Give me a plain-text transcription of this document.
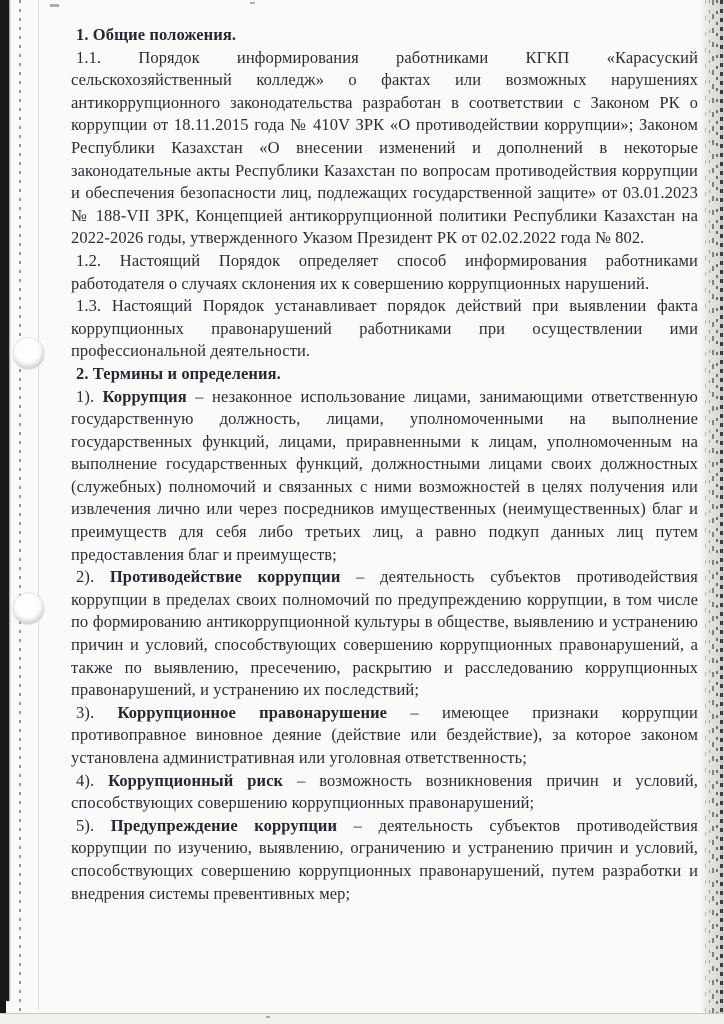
1. Общие положения.

1.1. Порядок информирования работниками КГКП «Карасуский сельскохозяйственный колледж» о фактах или возможных нарушениях антикоррупционного законодательства разработан в соответствии с Законом РК о коррупции от 18.11.2015 года № 410V ЗРК «О противодействии коррупции»; Законом Республики Казахстан «О внесении изменений и дополнений в некоторые законодательные акты Республики Казахстан по вопросам противодействия коррупции и обеспечения безопасности лиц, подлежащих государственной защите» от 03.01.2023 № 188-VII ЗРК, Концепцией антикоррупционной политики Республики Казахстан на 2022-2026 годы, утвержденного Указом Президент РК от 02.02.2022 года № 802.

1.2. Настоящий Порядок определяет способ информирования работниками работодателя о случаях склонения их к совершению коррупционных нарушений.

1.3. Настоящий Порядок устанавливает порядок действий при выявлении факта коррупционных правонарушений работниками при осуществлении ими профессиональной деятельности.

2. Термины и определения.

1). Коррупция – незаконное использование лицами, занимающими ответственную государственную должность, лицами, уполномоченными на выполнение государственных функций, лицами, приравненными к лицам, уполномоченным на выполнение государственных функций, должностными лицами своих должностных (служебных) полномочий и связанных с ними возможностей в целях получения или извлечения лично или через посредников имущественных (неимущественных) благ и преимуществ для себя либо третьих лиц, а равно подкуп данных лиц путем предоставления благ и преимуществ;

2). Противодействие коррупции – деятельность субъектов противодействия коррупции в пределах своих полномочий по предупреждению коррупции, в том числе по формированию антикоррупционной культуры в обществе, выявлению и устранению причин и условий, способствующих совершению коррупционных правонарушений, а также по выявлению, пресечению, раскрытию и расследованию коррупционных правонарушений, и устранению их последствий;

3). Коррупционное правонарушение – имеющее признаки коррупции противоправное виновное деяние (действие или бездействие), за которое законом установлена административная или уголовная ответственность;

4). Коррупционный риск – возможность возникновения причин и условий, способствующих совершению коррупционных правонарушений;

5). Предупреждение коррупции – деятельность субъектов противодействия коррупции по изучению, выявлению, ограничению и устранению причин и условий, способствующих совершению коррупционных правонарушений, путем разработки и внедрения системы превентивных мер;
